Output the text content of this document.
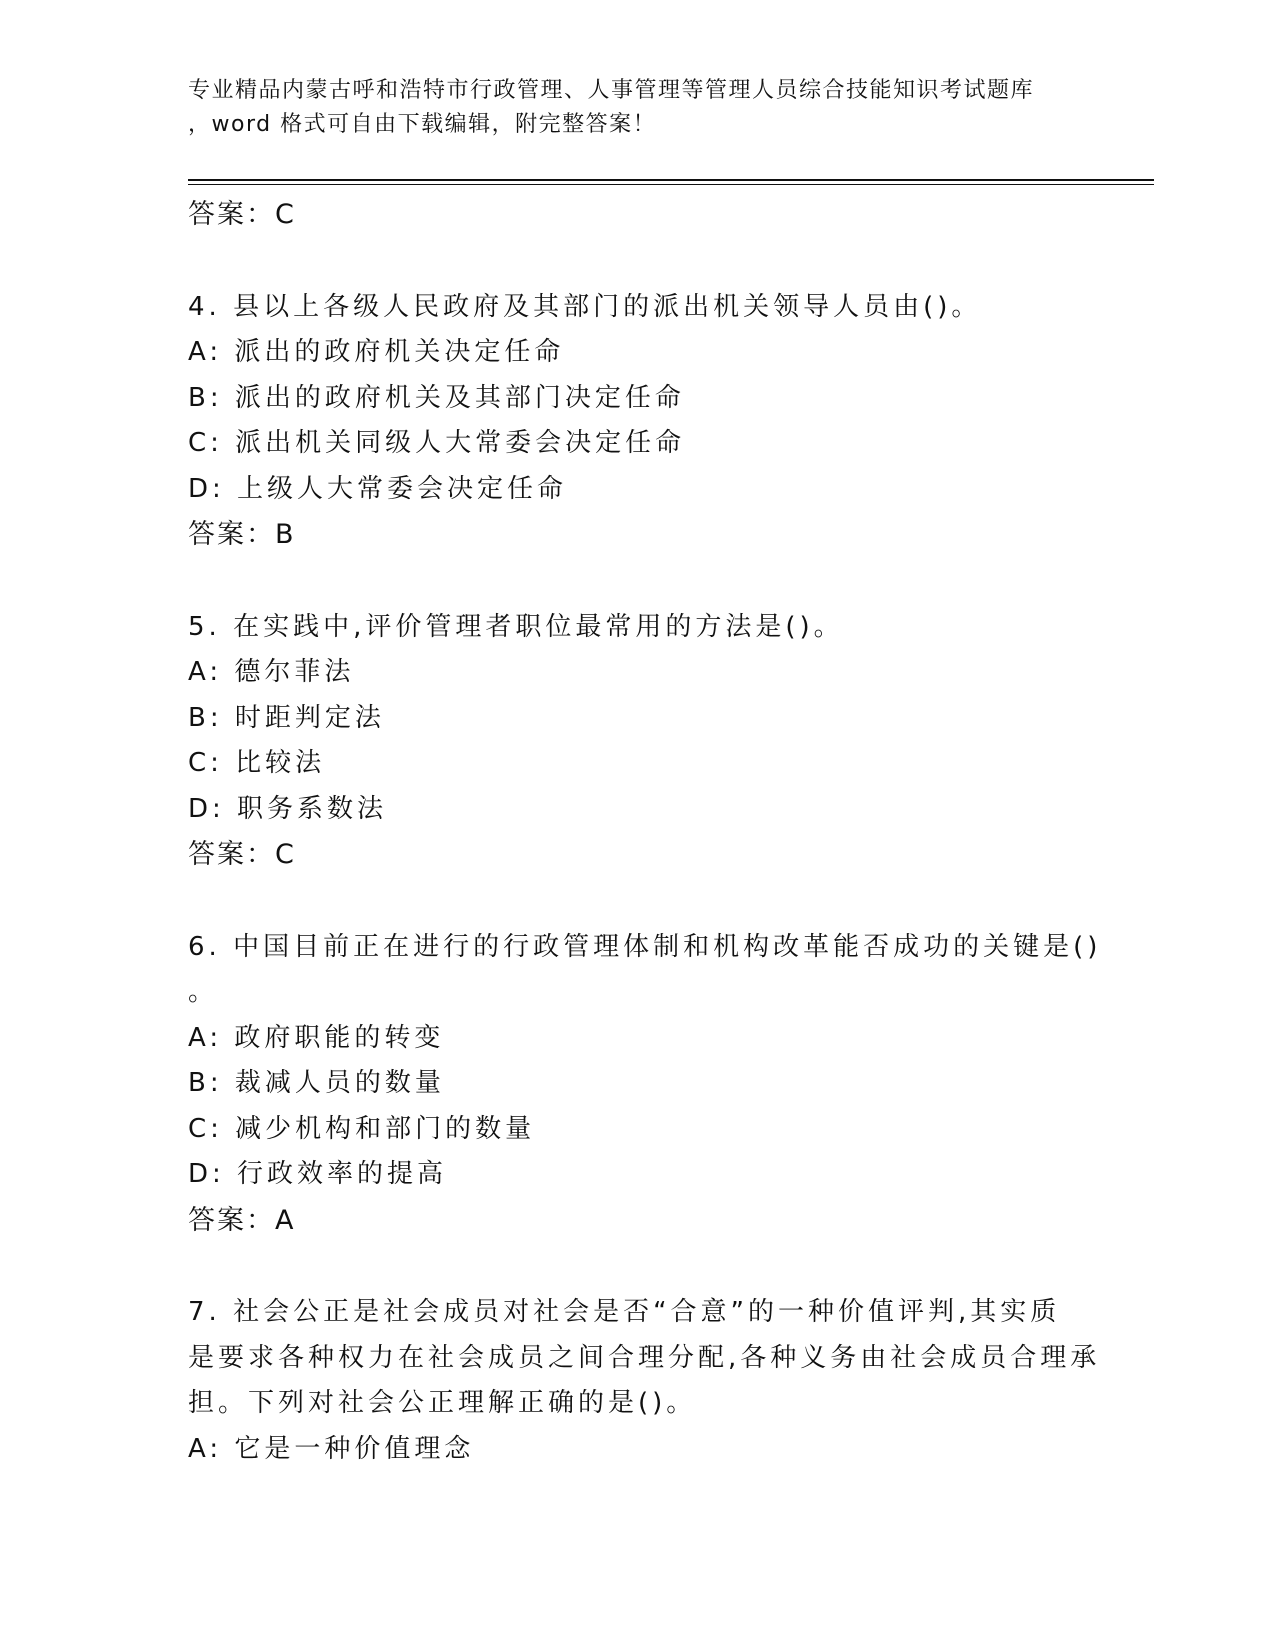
专业精品内蒙古呼和浩特市行政管理、人事管理等管理人员综合技能知识考试题库
，word 格式可自由下载编辑，附完整答案！
答案：C
4. 县以上各级人民政府及其部门的派出机关领导人员由()。
A: 派出的政府机关决定任命
B: 派出的政府机关及其部门决定任命
C: 派出机关同级人大常委会决定任命
D: 上级人大常委会决定任命
答案：B
5. 在实践中,评价管理者职位最常用的方法是()。
A: 德尔菲法
B: 时距判定法
C: 比较法
D: 职务系数法
答案：C
6. 中国目前正在进行的行政管理体制和机构改革能否成功的关键是()
。
A: 政府职能的转变
B: 裁减人员的数量
C: 减少机构和部门的数量
D: 行政效率的提高
答案：A
7. 社会公正是社会成员对社会是否“合意”的一种价值评判,其实质
是要求各种权力在社会成员之间合理分配,各种义务由社会成员合理承
担。下列对社会公正理解正确的是()。
A: 它是一种价值理念
